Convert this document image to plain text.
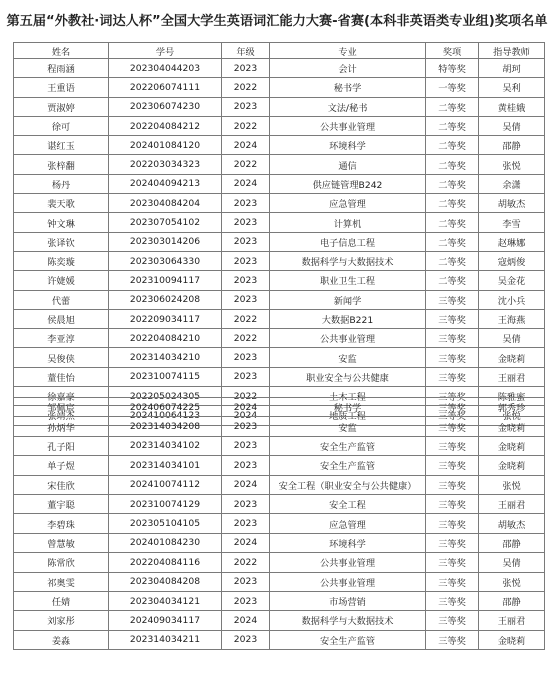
第五届“外教社·词达人杯”全国大学生英语词汇能力大赛-省赛(本科非英语类专业组)奖项名单
姓名	学号	年级	专业	奖项	指导教师
程雨涵	202304044203	2023	会计	特等奖	胡珂
王重语	202206074111	2022	秘书学	一等奖	吴利
贾淑婷	202306074230	2023	文法/秘书	二等奖	黄桂娥
徐可	202204084212	2022	公共事业管理	二等奖	吴倩
谌红玉	202401084120	2024	环境科学	二等奖	邵静
张梓翻	202203034323	2022	通信	二等奖	张悦
杨丹	202404094213	2024	供应链管理B242	二等奖	余潇
裴天歌	202304084204	2023	应急管理	二等奖	胡敏杰
钟文琳	202307054102	2023	计算机	二等奖	李雪
张译钦	202303014206	2023	电子信息工程	二等奖	赵琳娜
陈奕璇	202303064330	2023	数据科学与大数据技术	二等奖	寇炳俊
许婕媛	202310094117	2023	职业卫生工程	二等奖	吴金花
代蕾	202306024208	2023	新闻学	三等奖	沈小兵
侯晨旭	202209034117	2022	大数据B221	三等奖	王海燕
李亚淳	202204084210	2022	公共事业管理	三等奖	吴倩
吴俊侠	202314034210	2023	安监	三等奖	金晓莉
蕫佳怡	202310074115	2023	职业安全与公共健康	三等奖	王丽君
徐嘉豪	202205024305	2022	土木工程	三等奖	陈雅蜜
张靖杰	202410064123	2024	地质工程	三等奖	张悦
邹佩宸	202406074225	2024	秘书学	三等奖	郭秀珍
孙炳华	202314034208	2023	安监	三等奖	金晓莉
孔子阳	202314034102	2023	安全生产监管	三等奖	金晓莉
单子煜	202314034101	2023	安全生产监管	三等奖	金晓莉
宋佳欣	202410074112	2024	安全工程（职业安全与公共健康）	三等奖	张悦
董宇聪	202310074129	2023	安全工程	三等奖	王丽君
李碧珠	202305104105	2023	应急管理	三等奖	胡敏杰
曾慧敏	202401084230	2024	环境科学	三等奖	邵静
陈常欣	202204084116	2022	公共事业管理	三等奖	吴倩
祁奥雯	202304084208	2023	公共事业管理	三等奖	张悦
任婧	202304034121	2023	市场营销	三等奖	邵静
刘家彤	202409034117	2024	数据科学与大数据技术	三等奖	王丽君
姜淼	202314034211	2023	安全生产监管	三等奖	金晓莉
